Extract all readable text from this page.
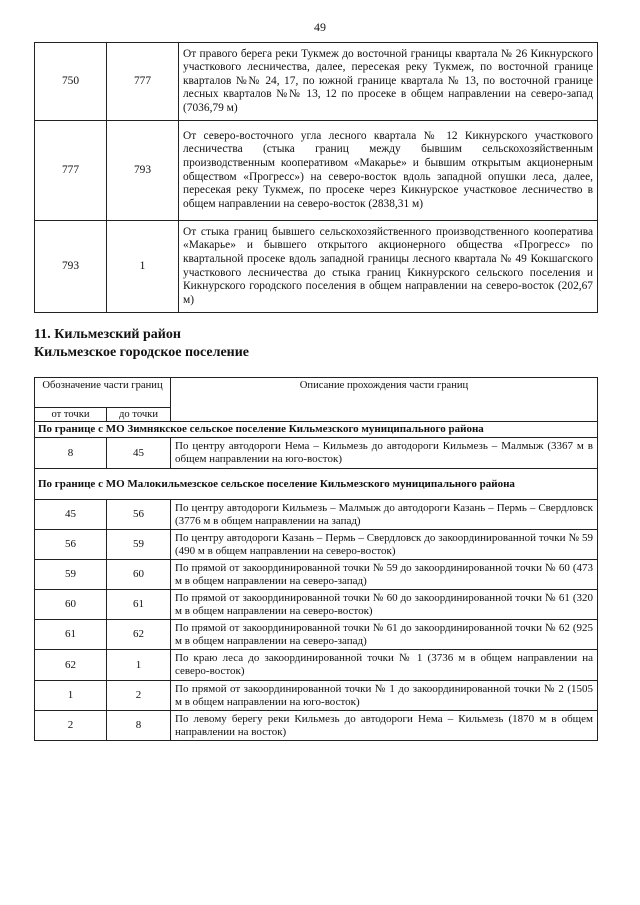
49
750	777	От правого берега реки Тукмеж до восточной границы квартала № 26 Кикнурского участкового лесничества, далее, пересекая реку Тукмеж, по восточной границе кварталов №№ 24, 17, по южной границе квартала № 13, по восточной границе лесных кварталов №№ 13, 12 по просеке в общем направлении на северо-запад (7036,79 м)
777	793	От северо-восточного угла лесного квартала № 12 Кикнурского участкового лесничества (стыка границ между бывшим сельскохозяйственным производственным кооперативом «Макарье» и бывшим открытым акционерным обществом «Прогресс») на северо-восток вдоль западной опушки леса, далее, пересекая реку Тукмеж, по просеке через Кикнурское участковое лесничество в общем направлении на северо-восток (2838,31 м)
793	1	От стыка границ бывшего сельскохозяйственного производственного кооператива «Макарье» и бывшего открытого акционерного общества «Прогресс» по квартальной просеке вдоль западной границы лесного квартала № 49 Кокшагского участкового лесничества до стыка границ Кикнурского сельского поселения и Кикнурского городского поселения в общем направлении на северо-восток (202,67 м)
11. Кильмезский район
Кильмезское городское поселение
Обозначение части границ		Описание прохождения части границ
от точки	до точки	
По границе с МО Зимнякское сельское поселение Кильмезского муниципального района		
8	45	По центру автодороги Нема – Кильмезь до автодороги Кильмезь – Малмыж (3367 м в общем направлении на юго-восток)
По границе с МО Малокильмезское сельское поселение Кильмезского муниципального района		
45	56	По центру автодороги Кильмезь – Малмыж до автодороги Казань – Пермь – Свердловск (3776 м в общем направлении на запад)
56	59	По центру автодороги Казань – Пермь – Свердловск до закоординированной точки № 59 (490 м в общем направлении на северо-восток)
59	60	По прямой от закоординированной точки № 59 до закоординированной точки № 60 (473 м в общем направлении на северо-запад)
60	61	По прямой от закоординированной точки № 60 до закоординированной точки № 61 (320 м в общем направлении на северо-восток)
61	62	По прямой от закоординированной точки № 61 до закоординированной точки № 62 (925 м в общем направлении на северо-запад)
62	1	По краю леса до закоординированной точки № 1 (3736 м в общем направлении на северо-восток)
1	2	По прямой от закоординированной точки № 1 до закоординированной точки № 2 (1505 м в общем направлении на юго-восток)
2	8	По левому берегу реки Кильмезь до автодороги Нема – Кильмезь (1870 м в общем направлении на восток)
